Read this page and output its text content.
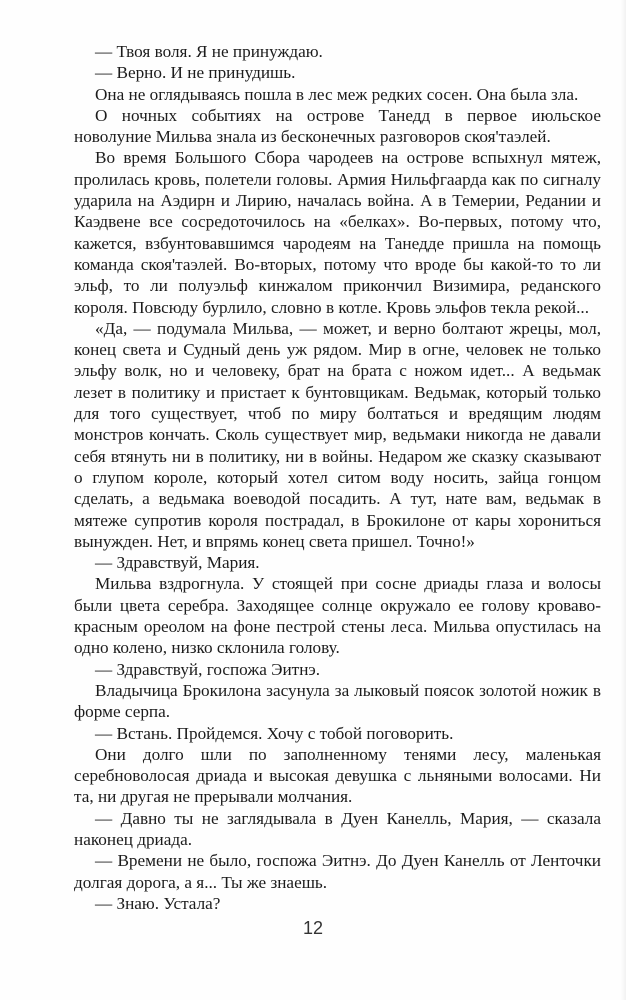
— Твоя воля. Я не принуждаю.

— Верно. И не принудишь.

Она не оглядываясь пошла в лес меж редких сосен. Она была зла.

О ночных событиях на острове Танедд в первое июльское новолуние Мильва знала из бесконечных разговоров скоя'таэлей.

Во время Большого Сбора чародеев на острове вспыхнул мятеж, пролилась кровь, полетели головы. Армия Нильфгаарда как по сигналу ударила на Аэдирн и Лирию, началась война. А в Темерии, Редании и Каэдвене все сосредоточилось на «белках». Во-первых, потому что, кажется, взбунтовавшимся чародеям на Танедде пришла на помощь команда скоя'таэлей. Во-вторых, потому что вроде бы какой-то то ли эльф, то ли полуэльф кинжалом прикончил Визимира, реданского короля. Повсюду бурлило, словно в котле. Кровь эльфов текла рекой...

«Да, — подумала Мильва, — может, и верно болтают жрецы, мол, конец света и Судный день уж рядом. Мир в огне, человек не только эльфу волк, но и человеку, брат на брата с ножом идет... А ведьмак лезет в политику и пристает к бунтовщикам. Ведьмак, который только для того существует, чтоб по миру болтаться и вредящим людям монстров кончать. Сколь существует мир, ведьмаки никогда не давали себя втянуть ни в политику, ни в войны. Недаром же сказку сказывают о глупом короле, который хотел ситом воду носить, зайца гонцом сделать, а ведьмака воеводой посадить. А тут, нате вам, ведьмак в мятеже супротив короля пострадал, в Брокилоне от кары хорониться вынужден. Нет, и впрямь конец света пришел. Точно!»

— Здравствуй, Мария.

Мильва вздрогнула. У стоящей при сосне дриады глаза и волосы были цвета серебра. Заходящее солнце окружало ее голову кроваво-красным ореолом на фоне пестрой стены леса. Мильва опустилась на одно колено, низко склонила голову.

— Здравствуй, госпожа Эитнэ.

Владычица Брокилона засунула за лыковый поясок золотой ножик в форме серпа.

— Встань. Пройдемся. Хочу с тобой поговорить.

Они долго шли по заполненному тенями лесу, маленькая серебноволосая дриада и высокая девушка с льняными волосами. Ни та, ни другая не прерывали молчания.

— Давно ты не заглядывала в Дуен Канелль, Мария, — сказала наконец дриада.

— Времени не было, госпожа Эитнэ. До Дуен Канелль от Ленточки долгая дорога, а я... Ты же знаешь.

— Знаю. Устала?

12
